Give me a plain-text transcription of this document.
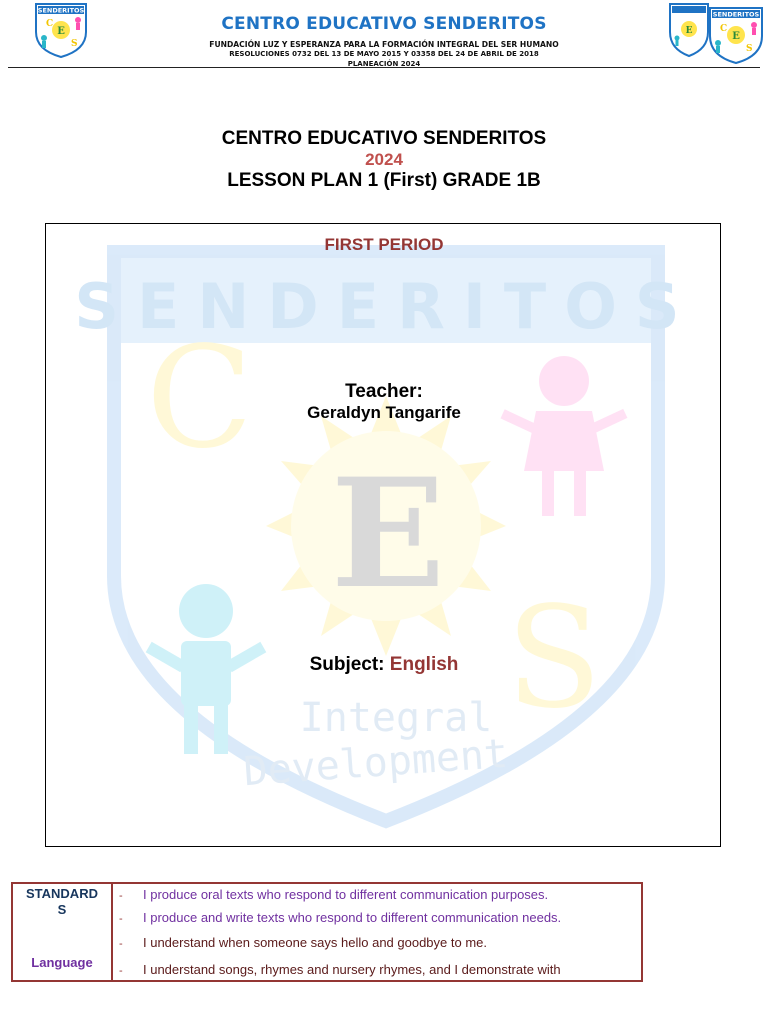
SENDERITOS
E
C
S
CENTRO EDUCATIVO SENDERITOS
FUNDACIÓN LUZ Y ESPERANZA PARA LA FORMACIÓN INTEGRAL DEL SER HUMANO
RESOLUCIONES 0732 DEL 13 DE MAYO 2015 Y 03358 DEL 24 DE ABRIL DE 2018
PLANEACIÓN 2024
E
SENDERITOS
E
C
S
CENTRO EDUCATIVO SENDERITOS
2024
LESSON PLAN 1 (First) GRADE 1B
SENDERITOS
E
C
S
Integral
Development
FIRST PERIOD
Teacher:
Geraldyn Tangarife
Subject: English
STANDARDS
Language
- I produce oral texts who respond to different communication purposes.
- I produce and write texts who respond to different communication needs.
- I understand when someone says hello and goodbye to me.
- I understand songs, rhymes and nursery rhymes, and I demonstrate with
